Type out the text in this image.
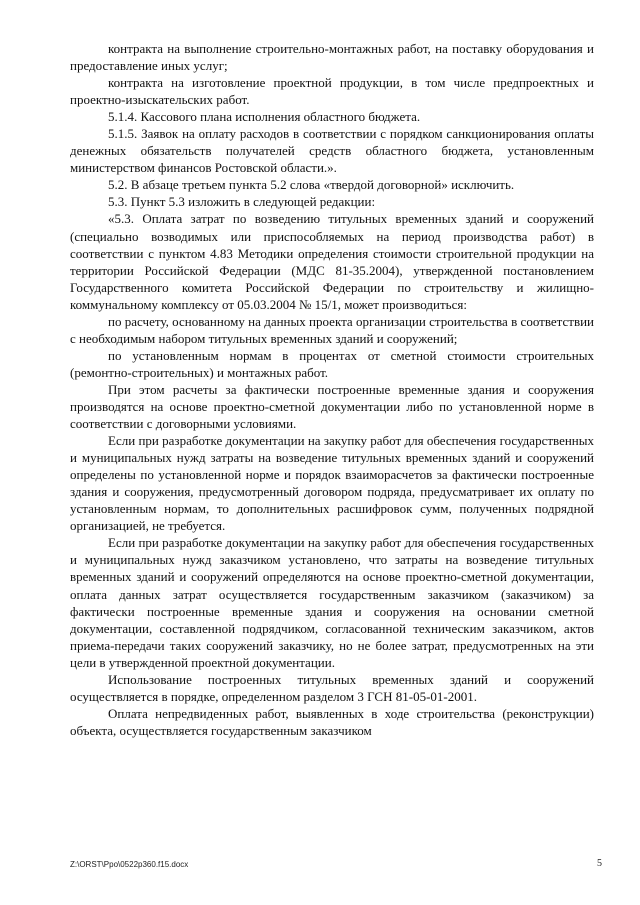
контракта на выполнение строительно-монтажных работ, на поставку оборудования и предоставление иных услуг;

контракта на изготовление проектной продукции, в том числе предпроектных и проектно-изыскательских работ.

5.1.4. Кассового плана исполнения областного бюджета.

5.1.5. Заявок на оплату расходов в соответствии с порядком санкционирования оплаты денежных обязательств получателей средств областного бюджета, установленным министерством финансов Ростовской области.».

5.2. В абзаце третьем пункта 5.2 слова «твердой договорной» исключить.

5.3. Пункт 5.3 изложить в следующей редакции:

«5.3. Оплата затрат по возведению титульных временных зданий и сооружений (специально возводимых или приспособляемых на период производства работ) в соответствии с пунктом 4.83 Методики определения стоимости строительной продукции на территории Российской Федерации (МДС 81-35.2004), утвержденной постановлением Государственного комитета Российской Федерации по строительству и жилищно-коммунальному комплексу от 05.03.2004 № 15/1, может производиться:

по расчету, основанному на данных проекта организации строительства в соответствии с необходимым набором титульных временных зданий и сооружений;

по установленным нормам в процентах от сметной стоимости строительных (ремонтно-строительных) и монтажных работ.

При этом расчеты за фактически построенные временные здания и сооружения производятся на основе проектно-сметной документации либо по установленной норме в соответствии с договорными условиями.

Если при разработке документации на закупку работ для обеспечения государственных и муниципальных нужд затраты на возведение титульных временных зданий и сооружений определены по установленной норме и порядок взаиморасчетов за фактически построенные здания и сооружения, предусмотренный договором подряда, предусматривает их оплату по установленным нормам, то дополнительных расшифровок сумм, полученных подрядной организацией, не требуется.

Если при разработке документации на закупку работ для обеспечения государственных и муниципальных нужд заказчиком установлено, что затраты на возведение титульных временных зданий и сооружений определяются на основе проектно-сметной документации, оплата данных затрат осуществляется государственным заказчиком (заказчиком) за фактически построенные временные здания и сооружения на основании сметной документации, составленной подрядчиком, согласованной техническим заказчиком, актов приема-передачи таких сооружений заказчику, но не более затрат, предусмотренных на эти цели в утвержденной проектной документации.

Использование построенных титульных временных зданий и сооружений осуществляется в порядке, определенном разделом 3 ГСН 81-05-01-2001.

Оплата непредвиденных работ, выявленных в ходе строительства (реконструкции) объекта, осуществляется государственным заказчиком

Z:\ORST\Ppo\0522p360.f15.docx	5
